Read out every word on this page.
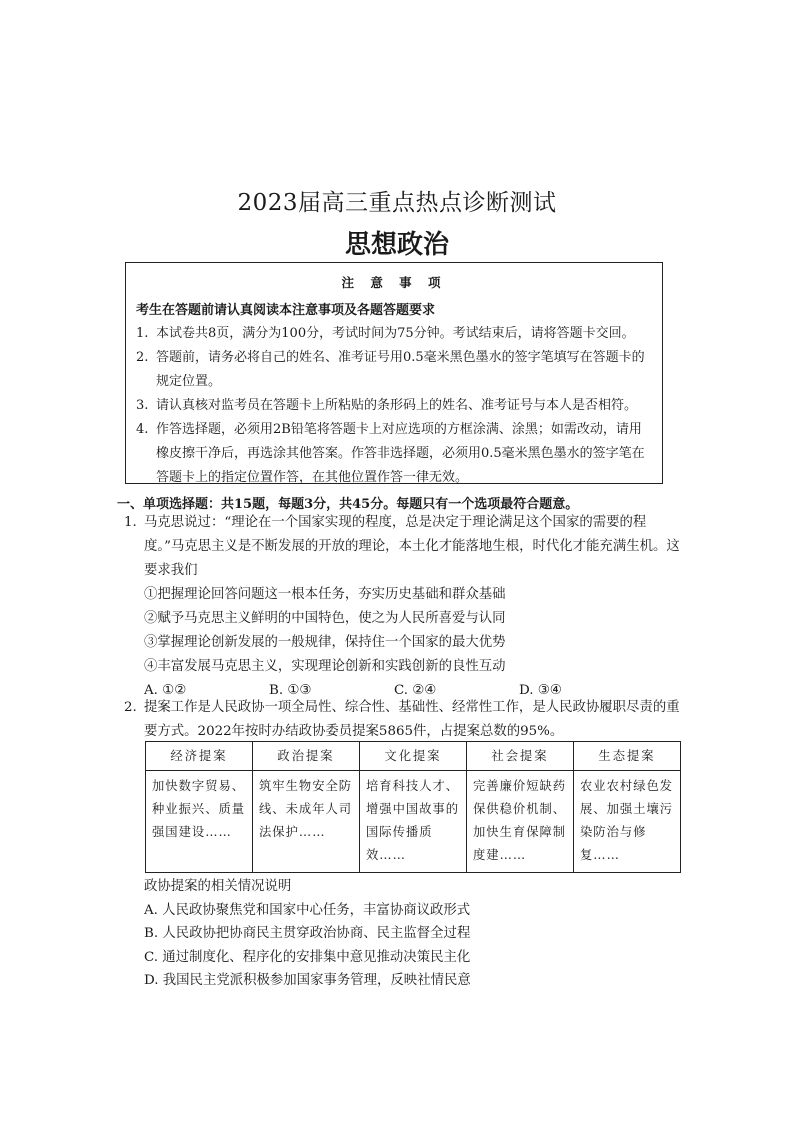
2023届高三重点热点诊断测试
思想政治
注 意 事 项
考生在答题前请认真阅读本注意事项及各题答题要求
1. 本试卷共8页，满分为100分，考试时间为75分钟。考试结束后，请将答题卡交回。
2. 答题前，请务必将自己的姓名、准考证号用0.5毫米黑色墨水的签字笔填写在答题卡的规定位置。
3. 请认真核对监考员在答题卡上所粘贴的条形码上的姓名、准考证号与本人是否相符。
4. 作答选择题，必须用2B铅笔将答题卡上对应选项的方框涂满、涂黑；如需改动，请用橡皮擦干净后，再选涂其他答案。作答非选择题，必须用0.5毫米黑色墨水的签字笔在答题卡上的指定位置作答，在其他位置作答一律无效。
一、单项选择题：共15题，每题3分，共45分。每题只有一个选项最符合题意。
1. 马克思说过：“理论在一个国家实现的程度，总是决定于理论满足这个国家的需要的程度。”马克思主义是不断发展的开放的理论，本土化才能落地生根，时代化才能充满生机。这要求我们
①把握理论回答问题这一根本任务，夯实历史基础和群众基础
②赋予马克思主义鲜明的中国特色，使之为人民所喜爱与认同
③掌握理论创新发展的一般规律，保持住一个国家的最大优势
④丰富发展马克思主义，实现理论创新和实践创新的良性互动
A. ①②	B. ①③	C. ②④	D. ③④
2. 提案工作是人民政协一项全局性、综合性、基础性、经常性工作，是人民政协履职尽责的重要方式。2022年按时办结政协委员提案5865件，占提案总数的95%。
经济提案	政治提案	文化提案	社会提案	生态提案
加快数字贸易、种业振兴、质量强国建设……	筑牢生物安全防线、未成年人司法保护……	培育科技人才、增强中国故事的国际传播质效……	完善廉价短缺药保供稳价机制、加快生育保障制度建……	农业农村绿色发展、加强土壤污染防治与修复……
政协提案的相关情况说明
A. 人民政协聚焦党和国家中心任务，丰富协商议政形式
B. 人民政协把协商民主贯穿政治协商、民主监督全过程
C. 通过制度化、程序化的安排集中意见推动决策民主化
D. 我国民主党派积极参加国家事务管理，反映社情民意
